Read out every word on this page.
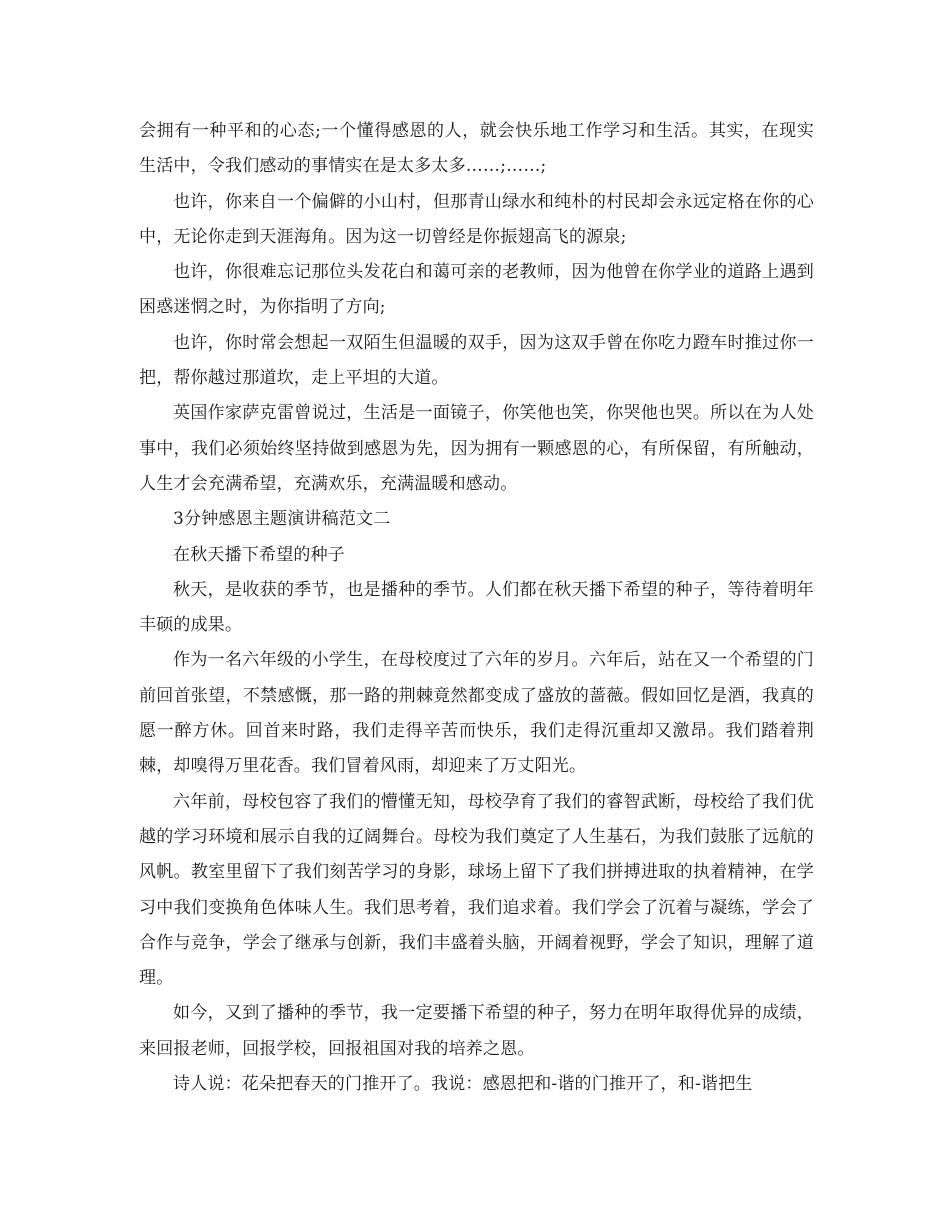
会拥有一种平和的心态;一个懂得感恩的人，就会快乐地工作学习和生活。其实，在现实生活中，令我们感动的事情实在是太多太多……;……;

也许，你来自一个偏僻的小山村，但那青山绿水和纯朴的村民却会永远定格在你的心中，无论你走到天涯海角。因为这一切曾经是你振翅高飞的源泉;

也许，你很难忘记那位头发花白和蔼可亲的老教师，因为他曾在你学业的道路上遇到困惑迷惘之时，为你指明了方向;

也许，你时常会想起一双陌生但温暖的双手，因为这双手曾在你吃力蹬车时推过你一把，帮你越过那道坎，走上平坦的大道。

英国作家萨克雷曾说过，生活是一面镜子，你笑他也笑，你哭他也哭。所以在为人处事中，我们必须始终坚持做到感恩为先，因为拥有一颗感恩的心，有所保留，有所触动，人生才会充满希望，充满欢乐，充满温暖和感动。

3分钟感恩主题演讲稿范文二

在秋天播下希望的种子

秋天，是收获的季节，也是播种的季节。人们都在秋天播下希望的种子，等待着明年丰硕的成果。

作为一名六年级的小学生，在母校度过了六年的岁月。六年后，站在又一个希望的门前回首张望，不禁感慨，那一路的荆棘竟然都变成了盛放的蔷薇。假如回忆是酒，我真的愿一醉方休。回首来时路，我们走得辛苦而快乐，我们走得沉重却又激昂。我们踏着荆棘，却嗅得万里花香。我们冒着风雨，却迎来了万丈阳光。

六年前，母校包容了我们的懵懂无知，母校孕育了我们的睿智武断，母校给了我们优越的学习环境和展示自我的辽阔舞台。母校为我们奠定了人生基石，为我们鼓胀了远航的风帆。教室里留下了我们刻苦学习的身影，球场上留下了我们拼搏进取的执着精神，在学习中我们变换角色体味人生。我们思考着，我们追求着。我们学会了沉着与凝练，学会了合作与竞争，学会了继承与创新，我们丰盛着头脑，开阔着视野，学会了知识，理解了道理。

如今，又到了播种的季节，我一定要播下希望的种子，努力在明年取得优异的成绩，来回报老师，回报学校，回报祖国对我的培养之恩。

诗人说：花朵把春天的门推开了。我说：感恩把和-谐的门推开了，和-谐把生
